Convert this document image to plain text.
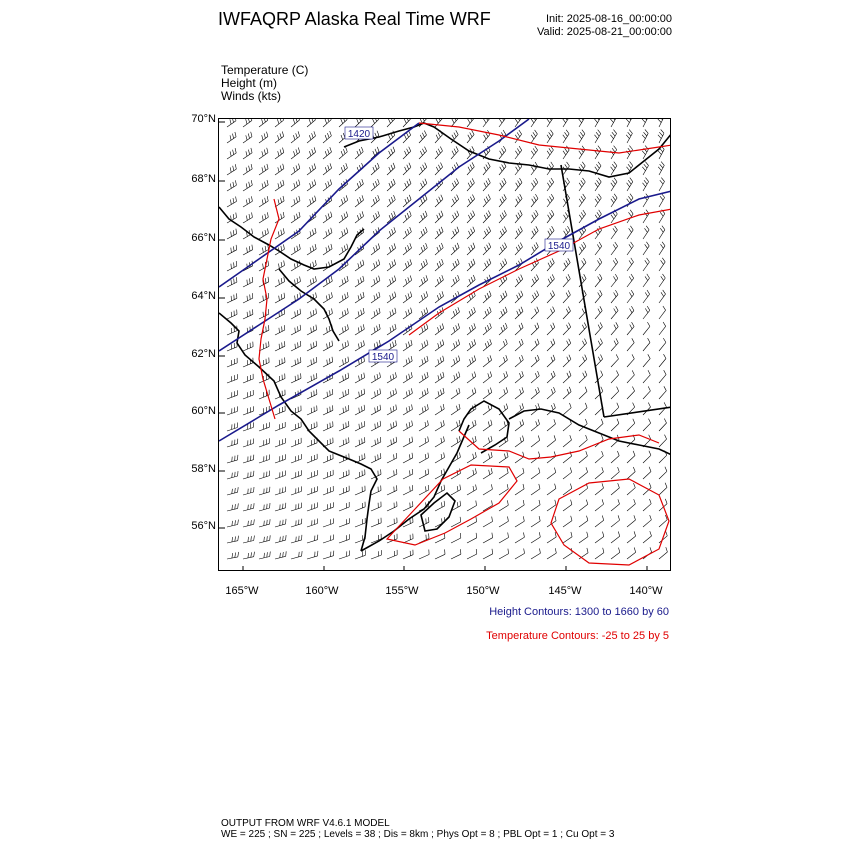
IWFAQRP Alaska Real Time WRF	Init: 2025-08-16_00:00:00
Valid: 2025-08-21_00:00:00
Temperature (C)
Height (m)
Winds (kts)
70°N
68°N
66°N
64°N
62°N
60°N
58°N
56°N
165°W	160°W	155°W	150°W	145°W	140°W
1420
1540
1540
Height Contours: 1300 to 1660 by 60
Temperature Contours: -25 to 25 by 5
OUTPUT FROM WRF V4.6.1 MODEL
WE = 225 ; SN = 225 ; Levels = 38 ; Dis = 8km ; Phys Opt = 8 ; PBL Opt = 1 ; Cu Opt = 3
